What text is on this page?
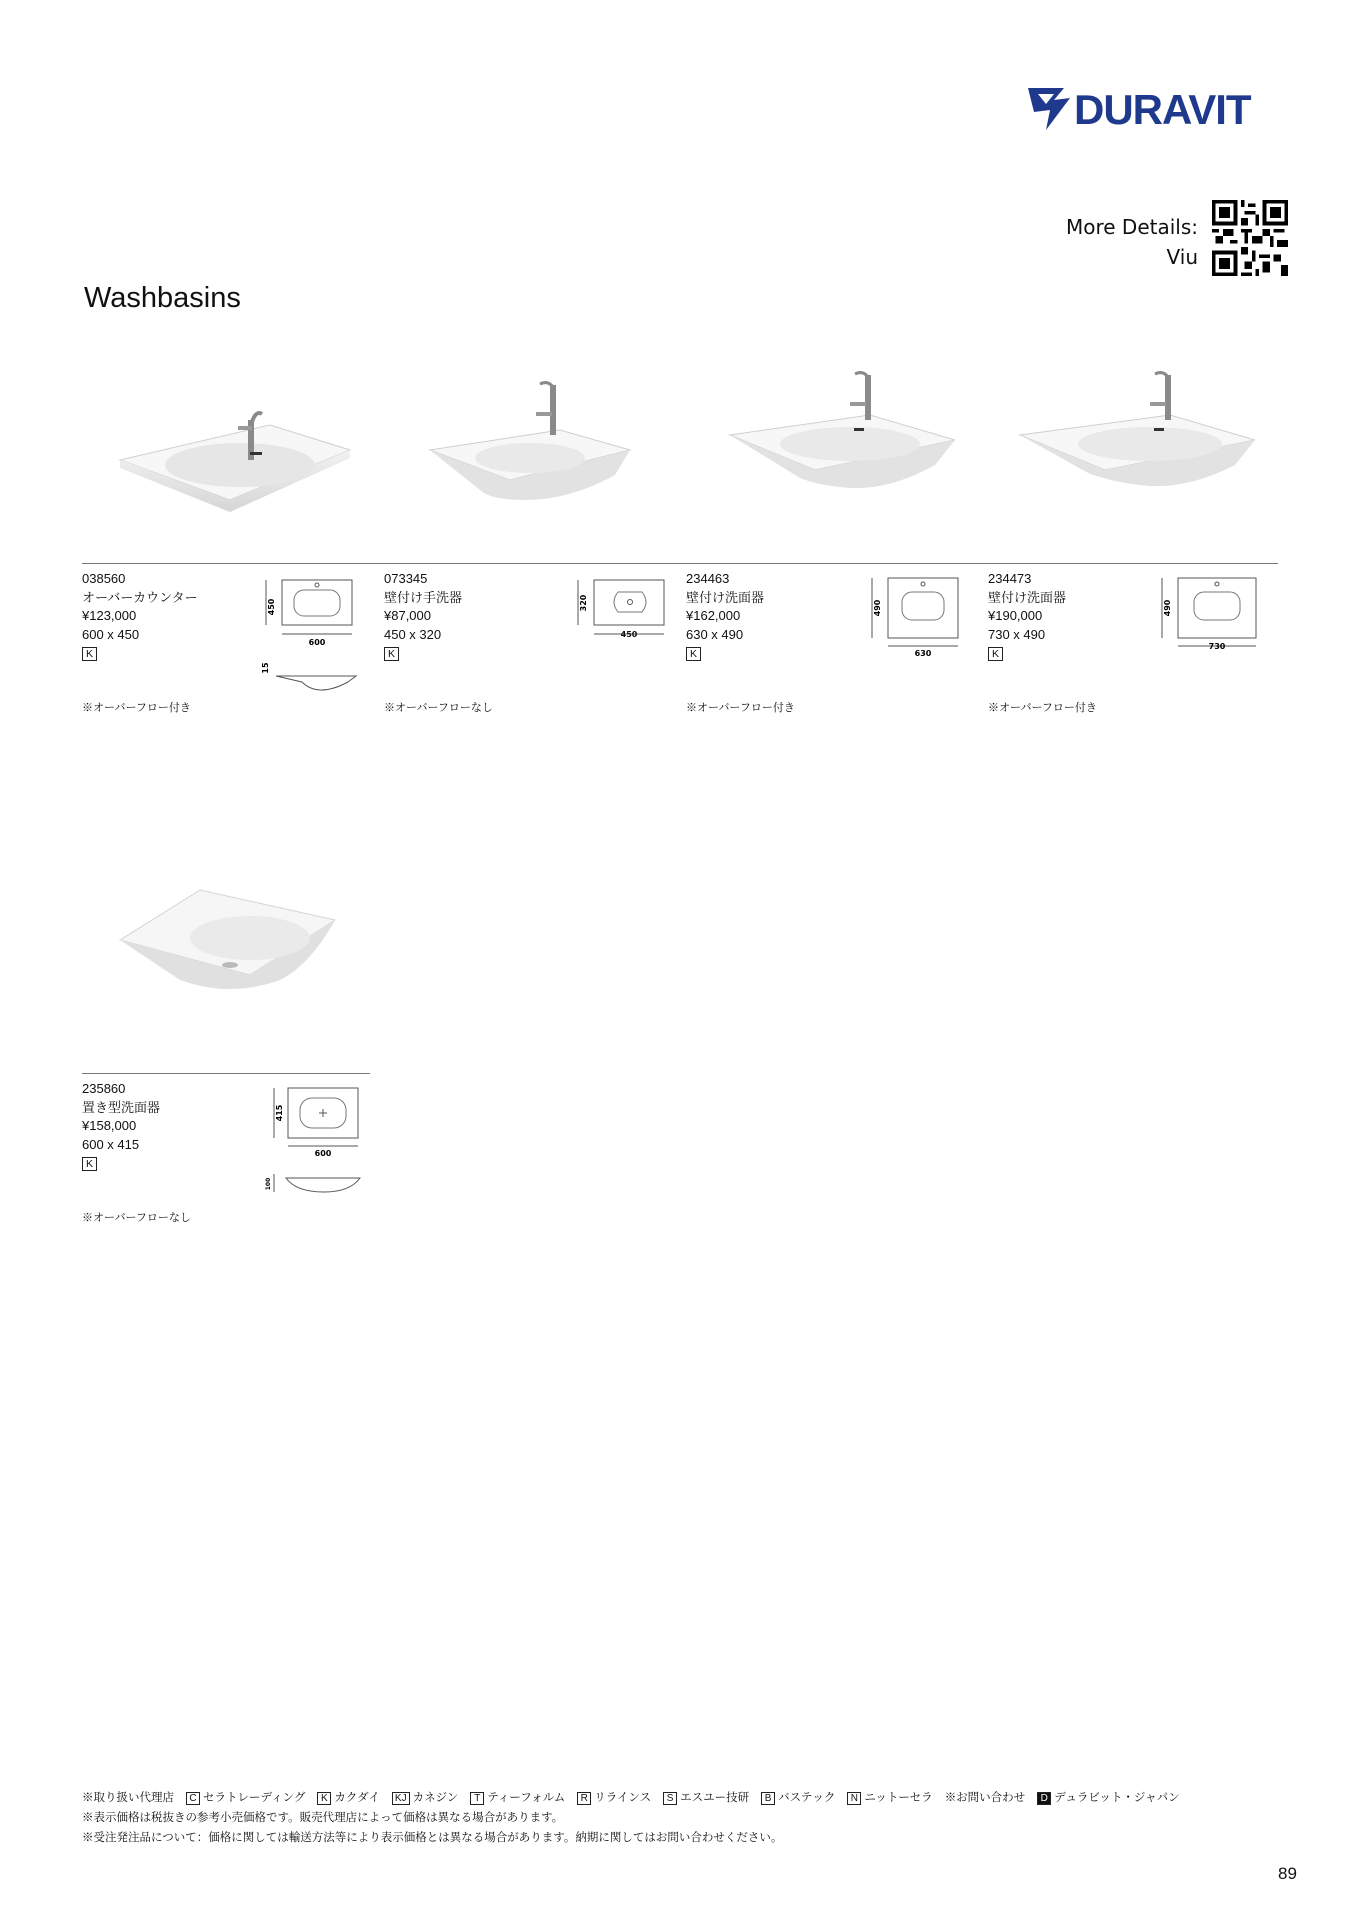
DURAVIT
More Details:
Viu
Washbasins
038560
オーバーカウンター
¥123,000
600 x 450
K
※オーバーフロー付き
450
600
15
073345
壁付け手洗器
¥87,000
450 x 320
K
※オーバーフローなし
320
450
234463
壁付け洗面器
¥162,000
630 x 490
K
※オーバーフロー付き
490
630
234473
壁付け洗面器
¥190,000
730 x 490
K
※オーバーフロー付き
490
730
235860
置き型洗面器
¥158,000
600 x 415
K
※オーバーフローなし
415
600
100
※取り扱い代理店	C セラトレーディング	K カクダイ	KJ カネジン	T ティーフォルム	R リラインス	S エスユー技研	B バステック	N ニットーセラ ※お問い合わせ	D デュラビット・ジャパン
※表示価格は税抜きの参考小売価格です。販売代理店によって価格は異なる場合があります。
※受注発注品について：価格に関しては輸送方法等により表示価格とは異なる場合があります。納期に関してはお問い合わせください。
89
